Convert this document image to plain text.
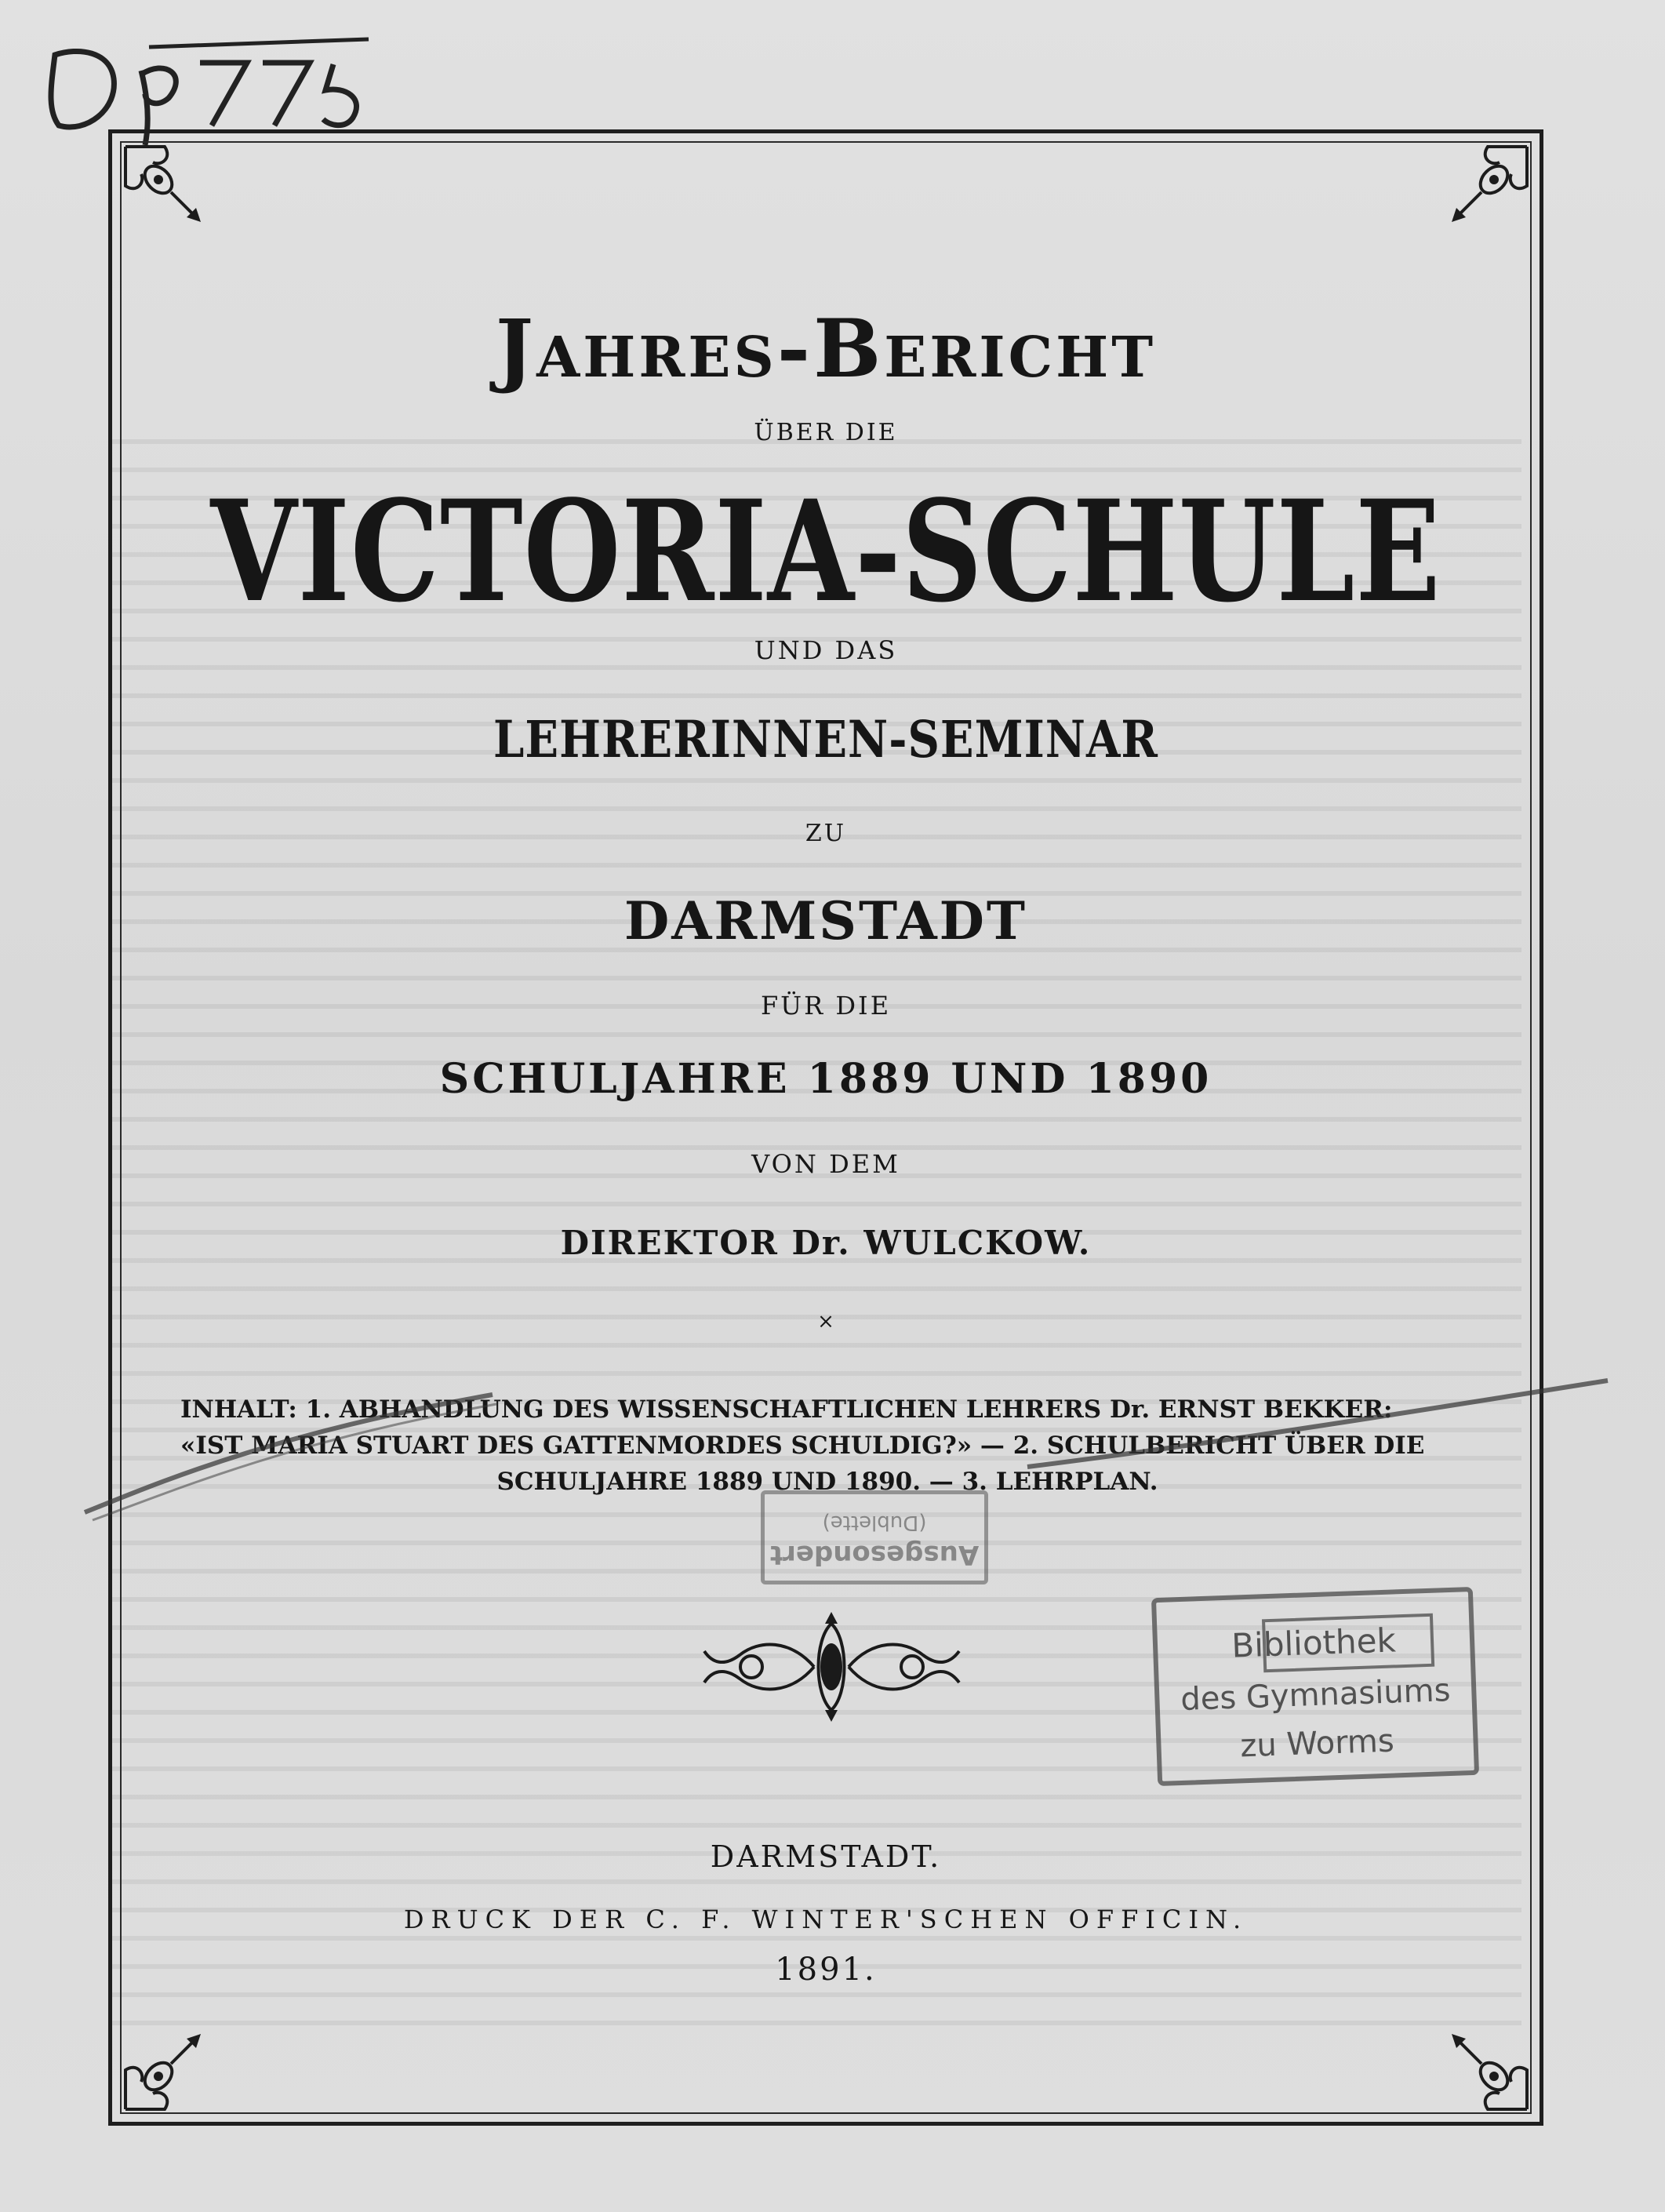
Jahres-Bericht
ÜBER DIE
VICTORIA-SCHULE
UND DAS
LEHRERINNEN-SEMINAR
ZU
DARMSTADT
FÜR DIE
SCHULJAHRE 1889 UND 1890
VON DEM
DIREKTOR Dr. WULCKOW.
×
INHALT: 1. ABHANDLUNG DES WISSENSCHAFTLICHEN LEHRERS Dr. ERNST BEKKER:
«IST MARIA STUART DES GATTENMORDES SCHULDIG?» — 2. SCHULBERICHT ÜBER DIE
SCHULJAHRE 1889 UND 1890. — 3. LEHRPLAN.
Ausgesondert
(Dublette)
Bibliothek
des Gymnasiums
zu Worms
DARMSTADT.
DRUCK DER C. F. WINTER'SCHEN OFFICIN.
1891.
